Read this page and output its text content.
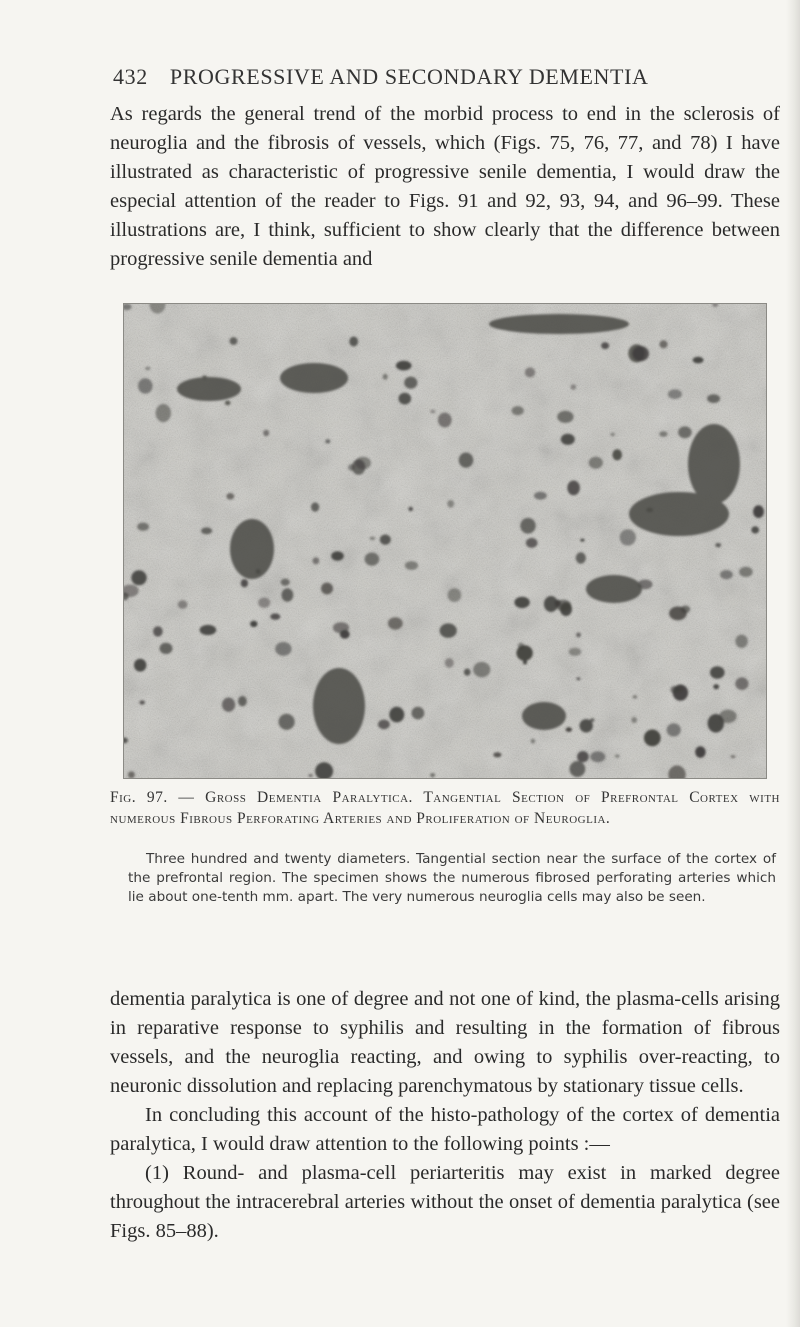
432 PROGRESSIVE AND SECONDARY DEMENTIA

As regards the general trend of the morbid process to end in the sclerosis of neuroglia and the fibrosis of vessels, which (Figs. 75, 76, 77, and 78) I have illustrated as characteristic of progressive senile dementia, I would draw the especial attention of the reader to Figs. 91 and 92, 93, 94, and 96–99. These illustrations are, I think, sufficient to show clearly that the difference between progressive senile dementia and

Fig. 97. — Gross Dementia Paralytica. Tangential Section of Prefrontal Cortex with numerous Fibrous Perforating Arteries and Proliferation of Neuroglia.
Three hundred and twenty diameters. Tangential section near the surface of the cortex of the prefrontal region. The specimen shows the numerous fibrosed perforating arteries which lie about one-tenth mm. apart. The very numerous neuroglia cells may also be seen.

dementia paralytica is one of degree and not one of kind, the plasma-cells arising in reparative response to syphilis and resulting in the formation of fibrous vessels, and the neuroglia reacting, and owing to syphilis over-reacting, to neuronic dissolution and replacing parenchymatous by stationary tissue cells.

In concluding this account of the histo-pathology of the cortex of dementia paralytica, I would draw attention to the following points :—

(1) Round- and plasma-cell periarteritis may exist in marked degree throughout the intracerebral arteries without the onset of dementia paralytica (see Figs. 85–88).
